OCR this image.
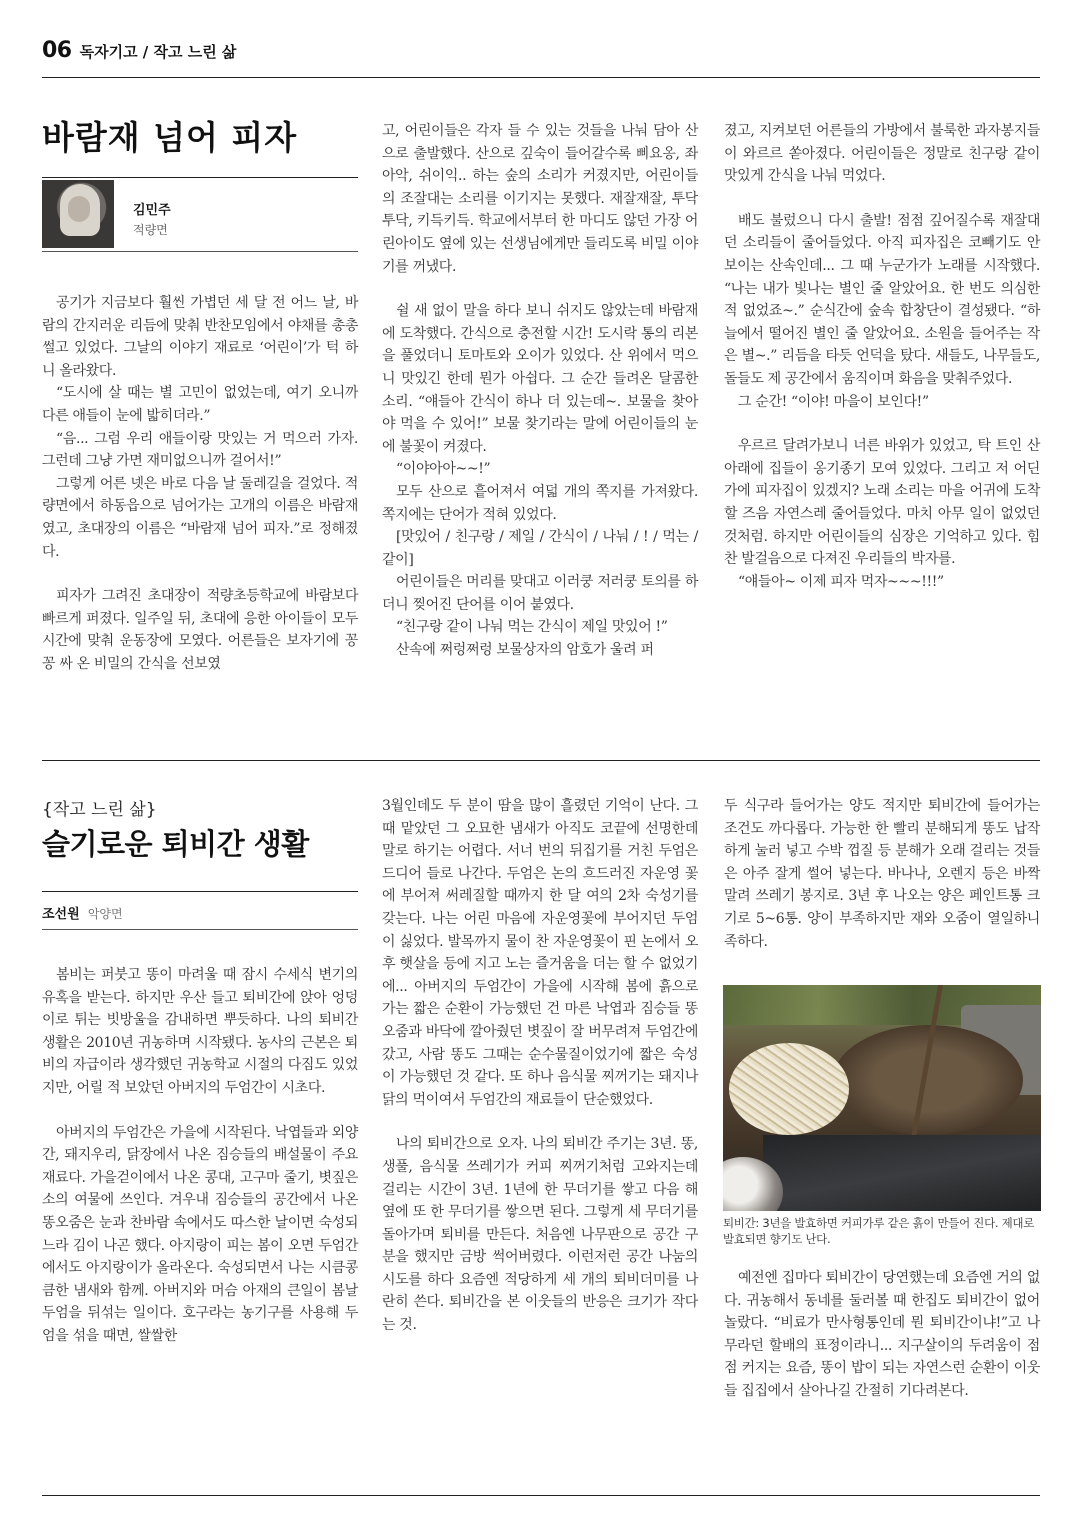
06 독자기고 / 작고 느린 삶
바람재 넘어 피자
김민주
적량면

공기가 지금보다 훨씬 가볍던 세 달 전 어느 날, 바람의 간지러운 리듬에 맞춰 반찬모임에서 야채를 총총 썰고 있었다. 그날의 이야기 재료로 ‘어린이’가 턱 하니 올라왔다.

“도시에 살 때는 별 고민이 없었는데, 여기 오니까 다른 애들이 눈에 밟히더라.”

“음... 그럼 우리 애들이랑 맛있는 거 먹으러 가자. 그런데 그냥 가면 재미없으니까 걸어서!”

그렇게 어른 넷은 바로 다음 날 둘레길을 걸었다. 적량면에서 하동읍으로 넘어가는 고개의 이름은 바람재였고, 초대장의 이름은 “바람재 넘어 피자.”로 정해졌다.

피자가 그려진 초대장이 적량초등학교에 바람보다 빠르게 퍼졌다. 일주일 뒤, 초대에 응한 아이들이 모두 시간에 맞춰 운동장에 모였다. 어른들은 보자기에 꽁꽁 싸 온 비밀의 간식을 선보였

고, 어린이들은 각자 들 수 있는 것들을 나눠 담아 산으로 출발했다. 산으로 깊숙이 들어갈수록 삐요옹, 좌아악, 쉬이익.. 하는 숲의 소리가 커졌지만, 어린이들의 조잘대는 소리를 이기지는 못했다. 재잘재잘, 투닥투닥, 키득키득. 학교에서부터 한 마디도 않던 가장 어린아이도 옆에 있는 선생님에게만 들리도록 비밀 이야기를 꺼냈다.

쉴 새 없이 말을 하다 보니 쉬지도 않았는데 바람재에 도착했다. 간식으로 충전할 시간! 도시락 통의 리본을 풀었더니 토마토와 오이가 있었다. 산 위에서 먹으니 맛있긴 한데 뭔가 아쉽다. 그 순간 들려온 달콤한 소리. “얘들아 간식이 하나 더 있는데~. 보물을 찾아야 먹을 수 있어!” 보물 찾기라는 말에 어린이들의 눈에 불꽃이 켜졌다.

“이야아아~~!”

모두 산으로 흩어져서 여덟 개의 쪽지를 가져왔다. 쪽지에는 단어가 적혀 있었다.

[맛있어 / 친구랑 / 제일 / 간식이 / 나눠 / ! / 먹는 / 같이]

어린이들은 머리를 맞대고 이러쿵 저러쿵 토의를 하더니 찢어진 단어를 이어 붙였다.

“친구랑 같이 나눠 먹는 간식이 제일 맛있어 !”

산속에 쩌렁쩌렁 보물상자의 암호가 울려 퍼

졌고, 지켜보던 어른들의 가방에서 불룩한 과자봉지들이 와르르 쏟아졌다. 어린이들은 정말로 친구랑 같이 맛있게 간식을 나눠 먹었다.

배도 불렀으니 다시 출발! 점점 깊어질수록 재잘대던 소리들이 줄어들었다. 아직 피자집은 코빼기도 안 보이는 산속인데... 그 때 누군가가 노래를 시작했다. “나는 내가 빛나는 별인 줄 알았어요. 한 번도 의심한 적 없었죠~.” 순식간에 숲속 합창단이 결성됐다. “하늘에서 떨어진 별인 줄 알았어요. 소원을 들어주는 작은 별~.” 리듬을 타듯 언덕을 탔다. 새들도, 나무들도, 돌들도 제 공간에서 움직이며 화음을 맞춰주었다.

그 순간! “이야! 마을이 보인다!”

우르르 달려가보니 너른 바위가 있었고, 탁 트인 산 아래에 집들이 옹기종기 모여 있었다. 그리고 저 어딘가에 피자집이 있겠지? 노래 소리는 마을 어귀에 도착할 즈음 자연스레 줄어들었다. 마치 아무 일이 없었던 것처럼. 하지만 어린이들의 심장은 기억하고 있다. 힘찬 발걸음으로 다져진 우리들의 박자를.

“얘들아~ 이제 피자 먹자~~~!!!”

{작고 느린 삶}
슬기로운 퇴비간 생활
조선원 악양면

봄비는 퍼붓고 똥이 마려울 때 잠시 수세식 변기의 유혹을 받는다. 하지만 우산 들고 퇴비간에 앉아 엉덩이로 튀는 빗방울을 감내하면 뿌듯하다. 나의 퇴비간 생활은 2010년 귀농하며 시작됐다. 농사의 근본은 퇴비의 자급이라 생각했던 귀농학교 시절의 다짐도 있었지만, 어릴 적 보았던 아버지의 두엄간이 시초다.

아버지의 두엄간은 가을에 시작된다. 낙엽들과 외양간, 돼지우리, 닭장에서 나온 짐승들의 배설물이 주요 재료다. 가을걷이에서 나온 콩대, 고구마 줄기, 볏짚은 소의 여물에 쓰인다. 겨우내 짐승들의 공간에서 나온 똥오줌은 눈과 찬바람 속에서도 따스한 날이면 숙성되느라 김이 나곤 했다. 아지랑이 피는 봄이 오면 두엄간에서도 아지랑이가 올라온다. 숙성되면서 나는 시큼콩큼한 냄새와 함께. 아버지와 머슴 아재의 큰일이 봄날 두엄을 뒤섞는 일이다. 호구라는 농기구를 사용해 두엄을 섞을 때면, 쌀쌀한

3월인데도 두 분이 땀을 많이 흘렸던 기억이 난다. 그때 맡았던 그 오묘한 냄새가 아직도 코끝에 선명한데 말로 하기는 어렵다. 서너 번의 뒤집기를 거친 두엄은 드디어 들로 나간다. 두엄은 논의 흐드러진 자운영 꽃에 부어져 써레질할 때까지 한 달 여의 2차 숙성기를 갖는다. 나는 어린 마음에 자운영꽃에 부어지던 두엄이 싫었다. 발목까지 물이 찬 자운영꽃이 핀 논에서 오후 햇살을 등에 지고 노는 즐거움을 더는 할 수 없었기에... 아버지의 두엄간이 가을에 시작해 봄에 흙으로 가는 짧은 순환이 가능했던 건 마른 낙엽과 짐승들 똥오줌과 바닥에 깔아줬던 볏짚이 잘 버무려져 두엄간에 갔고, 사람 똥도 그때는 순수물질이었기에 짧은 숙성이 가능했던 것 같다. 또 하나 음식물 찌꺼기는 돼지나 닭의 먹이여서 두엄간의 재료들이 단순했었다.

나의 퇴비간으로 오자. 나의 퇴비간 주기는 3년. 똥, 생풀, 음식물 쓰레기가 커피 찌꺼기처럼 고와지는데 걸리는 시간이 3년. 1년에 한 무더기를 쌓고 다음 해 옆에 또 한 무더기를 쌓으면 된다. 그렇게 세 무더기를 돌아가며 퇴비를 만든다. 처음엔 나무판으로 공간 구분을 했지만 금방 썩어버렸다. 이런저런 공간 나눔의 시도를 하다 요즘엔 적당하게 세 개의 퇴비더미를 나란히 쓴다. 퇴비간을 본 이웃들의 반응은 크기가 작다는 것.

두 식구라 들어가는 양도 적지만 퇴비간에 들어가는 조건도 까다롭다. 가능한 한 빨리 분해되게 똥도 납작하게 눌러 넣고 수박 껍질 등 분해가 오래 걸리는 것들은 아주 잘게 썰어 넣는다. 바나나, 오렌지 등은 바짝 말려 쓰레기 봉지로. 3년 후 나오는 양은 페인트통 크기로 5~6통. 양이 부족하지만 재와 오줌이 열일하니 족하다.

퇴비간: 3년을 발효하면 커피가루 같은 흙이 만들어 진다. 제대로 발효되면 향기도 난다.

예전엔 집마다 퇴비간이 당연했는데 요즘엔 거의 없다. 귀농해서 동네를 둘러볼 때 한집도 퇴비간이 없어 놀랐다. “비료가 만사형통인데 뭔 퇴비간이냐!”고 나무라던 할배의 표정이라니... 지구살이의 두려움이 점점 커지는 요즘, 똥이 밥이 되는 자연스런 순환이 이웃들 집집에서 살아나길 간절히 기다려본다.
